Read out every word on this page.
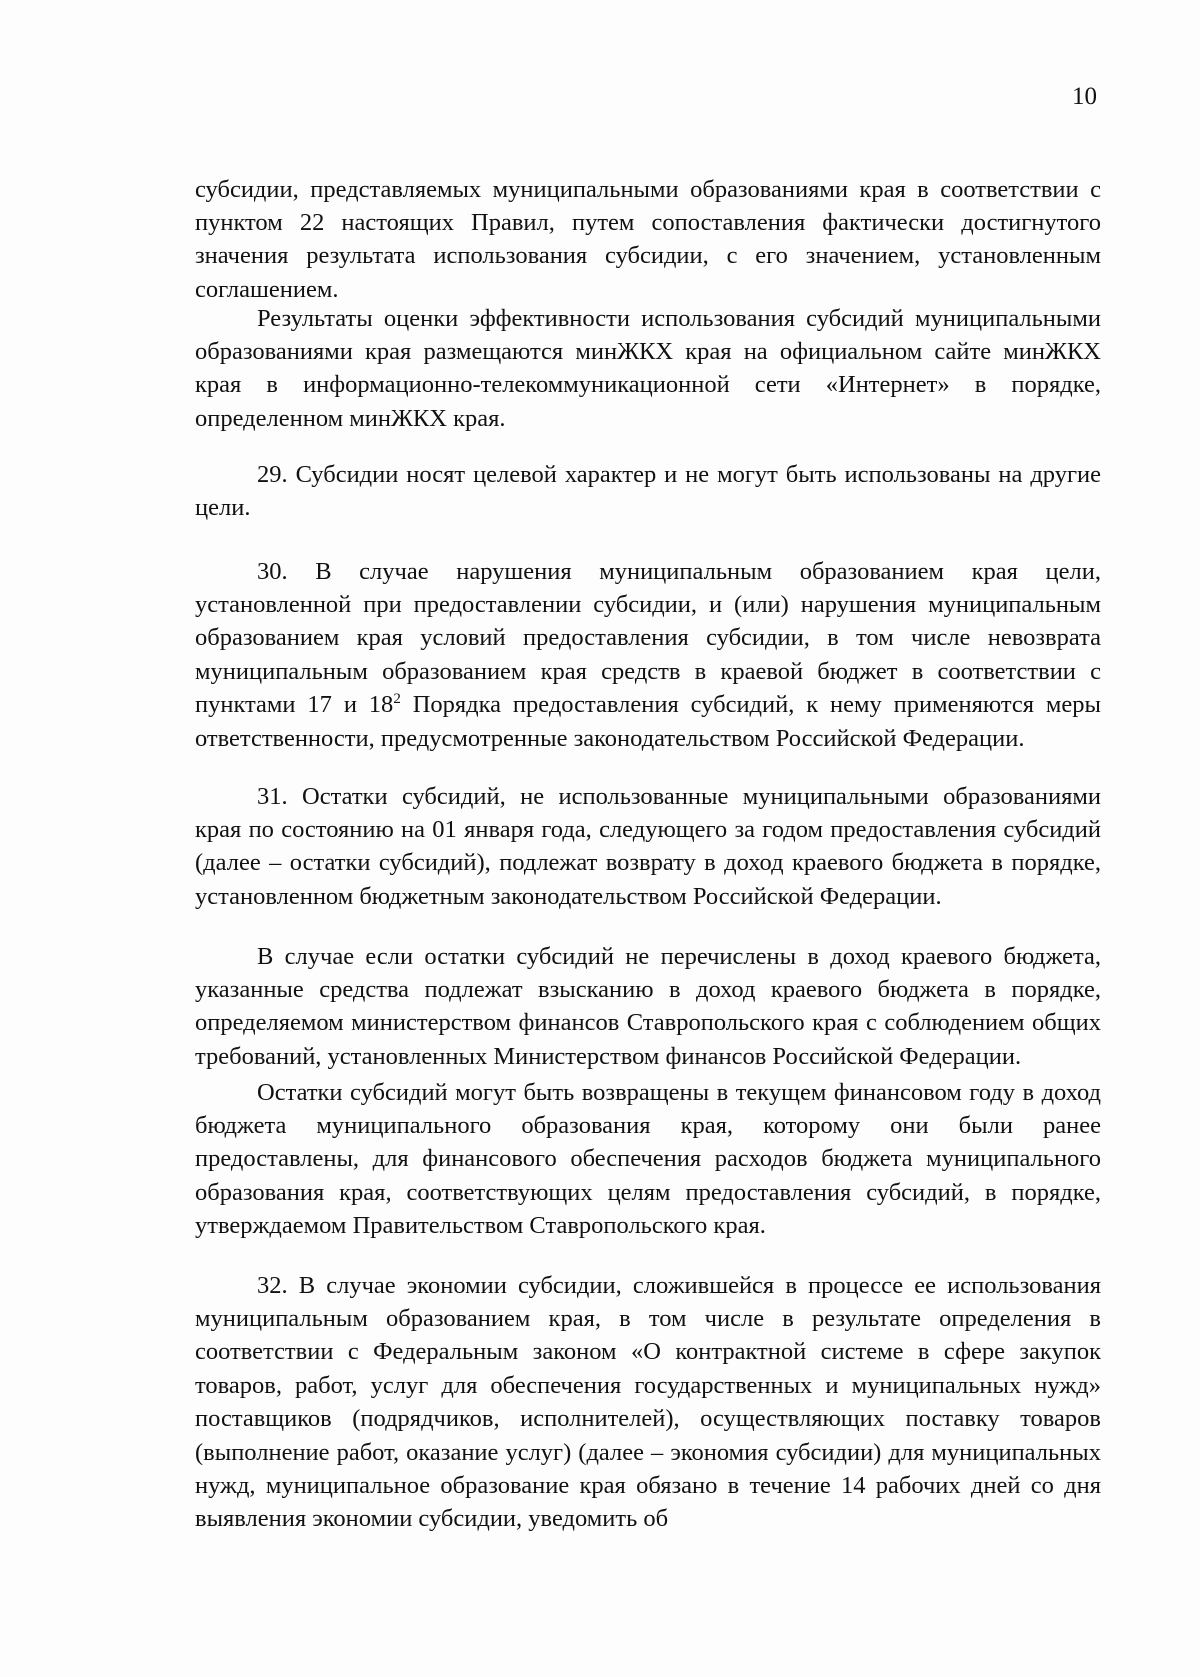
10

субсидии, представляемых муниципальными образованиями края в соответствии с пунктом 22 настоящих Правил, путем сопоставления фактически достигнутого значения результата использования субсидии, с его значением, установленным соглашением.

Результаты оценки эффективности использования субсидий муниципальными образованиями края размещаются минЖКХ края на официальном сайте минЖКХ края в информационно-телекоммуникационной сети «Интернет» в порядке, определенном минЖКХ края.

29. Субсидии носят целевой характер и не могут быть использованы на другие цели.

30. В случае нарушения муниципальным образованием края цели, установленной при предоставлении субсидии, и (или) нарушения муниципальным образованием края условий предоставления субсидии, в том числе невозврата муниципальным образованием края средств в краевой бюджет в соответствии с пунктами 17 и $18^2$ Порядка предоставления субсидий, к нему применяются меры ответственности, предусмотренные законодательством Российской Федерации.

31. Остатки субсидий, не использованные муниципальными образованиями края по состоянию на 01 января года, следующего за годом предоставления субсидий (далее – остатки субсидий), подлежат возврату в доход краевого бюджета в порядке, установленном бюджетным законодательством Российской Федерации.

В случае если остатки субсидий не перечислены в доход краевого бюджета, указанные средства подлежат взысканию в доход краевого бюджета в порядке, определяемом министерством финансов Ставропольского края с соблюдением общих требований, установленных Министерством финансов Российской Федерации.

Остатки субсидий могут быть возвращены в текущем финансовом году в доход бюджета муниципального образования края, которому они были ранее предоставлены, для финансового обеспечения расходов бюджета муниципального образования края, соответствующих целям предоставления субсидий, в порядке, утверждаемом Правительством Ставропольского края.

32. В случае экономии субсидии, сложившейся в процессе ее использования муниципальным образованием края, в том числе в результате определения в соответствии с Федеральным законом «О контрактной системе в сфере закупок товаров, работ, услуг для обеспечения государственных и муниципальных нужд» поставщиков (подрядчиков, исполнителей), осуществляющих поставку товаров (выполнение работ, оказание услуг) (далее – экономия субсидии) для муниципальных нужд, муниципальное образование края обязано в течение 14 рабочих дней со дня выявления экономии субсидии, уведомить об
